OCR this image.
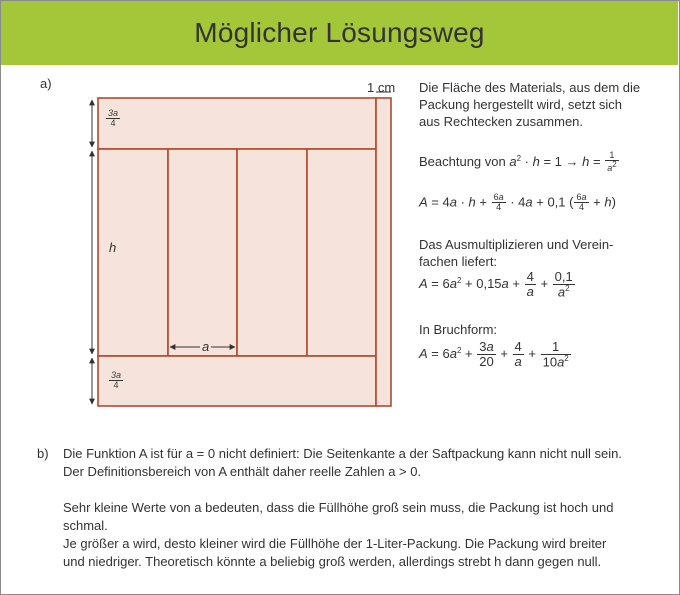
Möglicher Lösungsweg
a)	1 cm
$\frac{3a}{4}$
h
a
$\frac{3a}{4}$
Die Fläche des Materials, aus dem die
Packung hergestellt wird, setzt sich
aus Rechtecken zusammen.
Beachtung von $a^2 \cdot h = 1 \to h = \frac{1}{a^2}$
$A = 4a \cdot h + \frac{6a}{4} \cdot 4a + 0,1$ ( $\frac{6a}{4} + h$)
Das Ausmultiplizieren und Verein-
fachen liefert:
$A = 6a^2 + 0,15a + \frac{4}{a} + \frac{0,1}{a^2}$
In Bruchform:
$A = 6a^2 + \frac{3a}{20} + \frac{4}{a} + \frac{1}{10a^2}$
b) Die Funktion A ist für a = 0 nicht definiert: Die Seitenkante a der Saftpackung kann nicht null sein.
Der Definitionsbereich von A enthält daher reelle Zahlen a > 0.
Sehr kleine Werte von a bedeuten, dass die Füllhöhe groß sein muss, die Packung ist hoch und
schmal.
Je größer a wird, desto kleiner wird die Füllhöhe der 1-Liter-Packung. Die Packung wird breiter
und niedriger. Theoretisch könnte a beliebig groß werden, allerdings strebt h dann gegen null.
